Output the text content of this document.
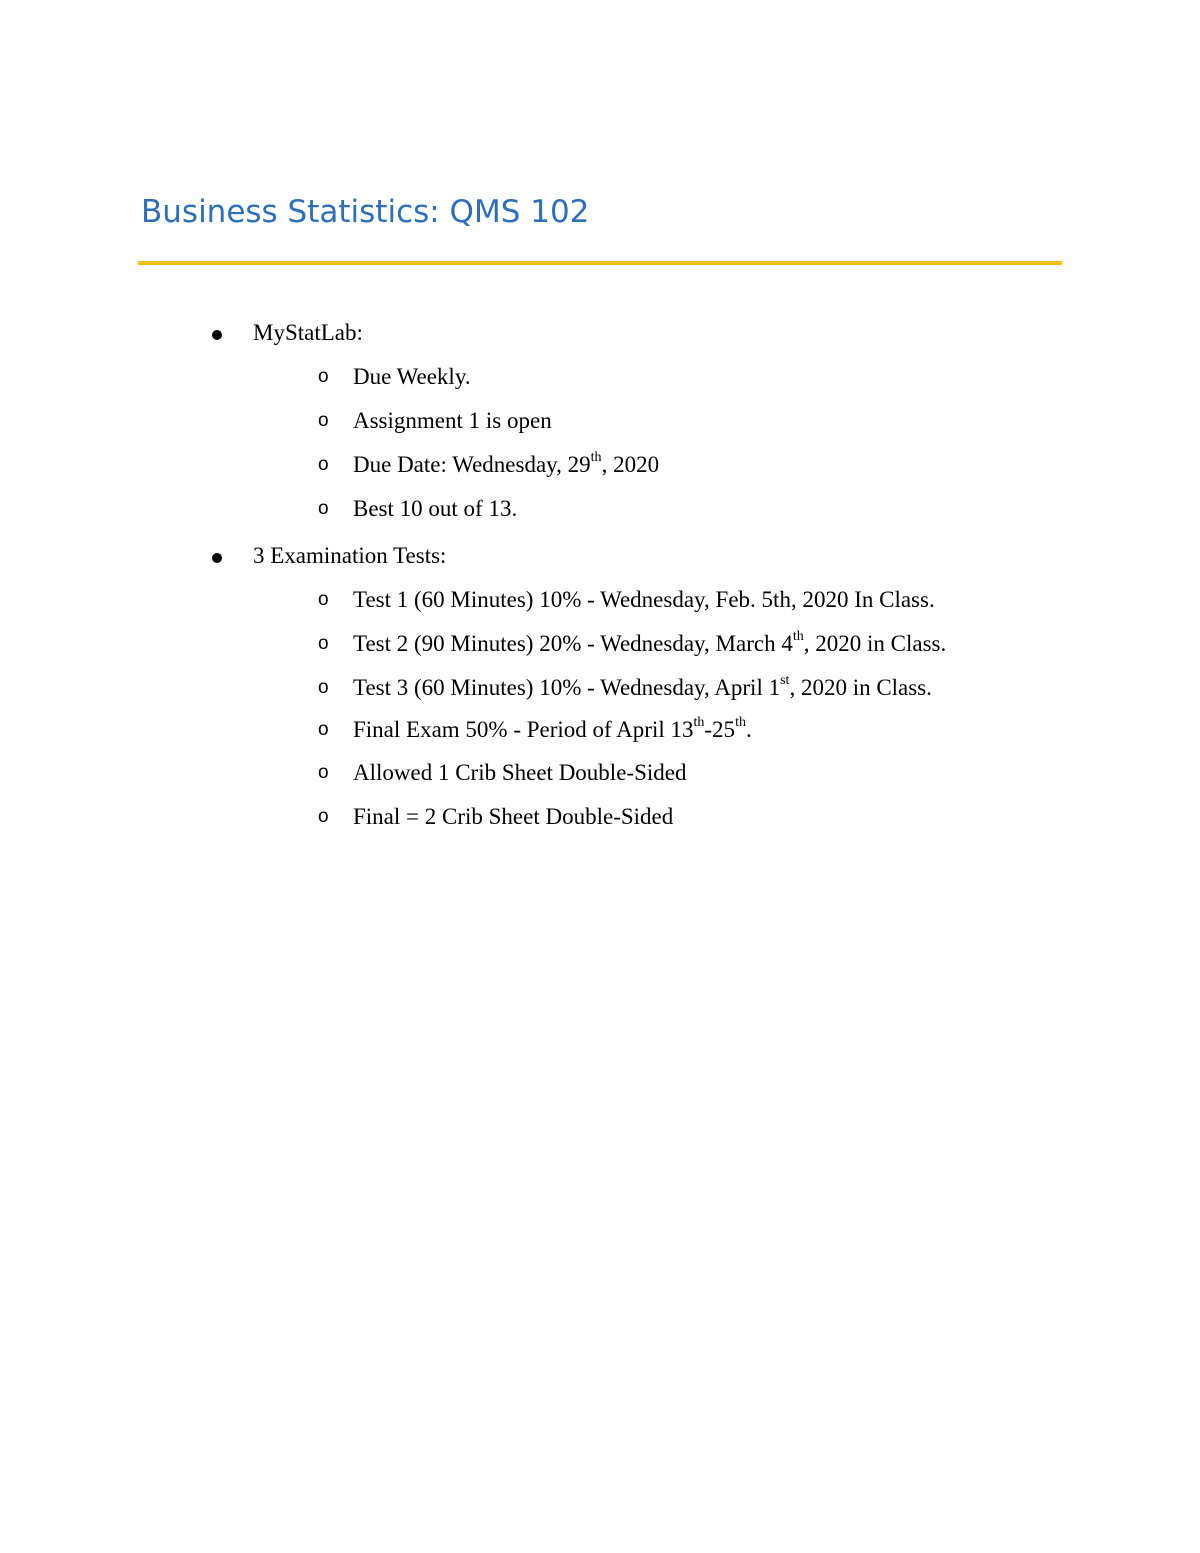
Business Statistics: QMS 102
MyStatLab:
o Due Weekly.
o Assignment 1 is open
o Due Date: Wednesday, 29th, 2020
o Best 10 out of 13.
3 Examination Tests:
o Test 1 (60 Minutes) 10% - Wednesday, Feb. 5th, 2020 In Class.
o Test 2 (90 Minutes) 20% - Wednesday, March 4th, 2020 in Class.
o Test 3 (60 Minutes) 10% - Wednesday, April 1st, 2020 in Class.
o Final Exam 50% - Period of April 13th-25th.
o Allowed 1 Crib Sheet Double-Sided
o Final = 2 Crib Sheet Double-Sided
